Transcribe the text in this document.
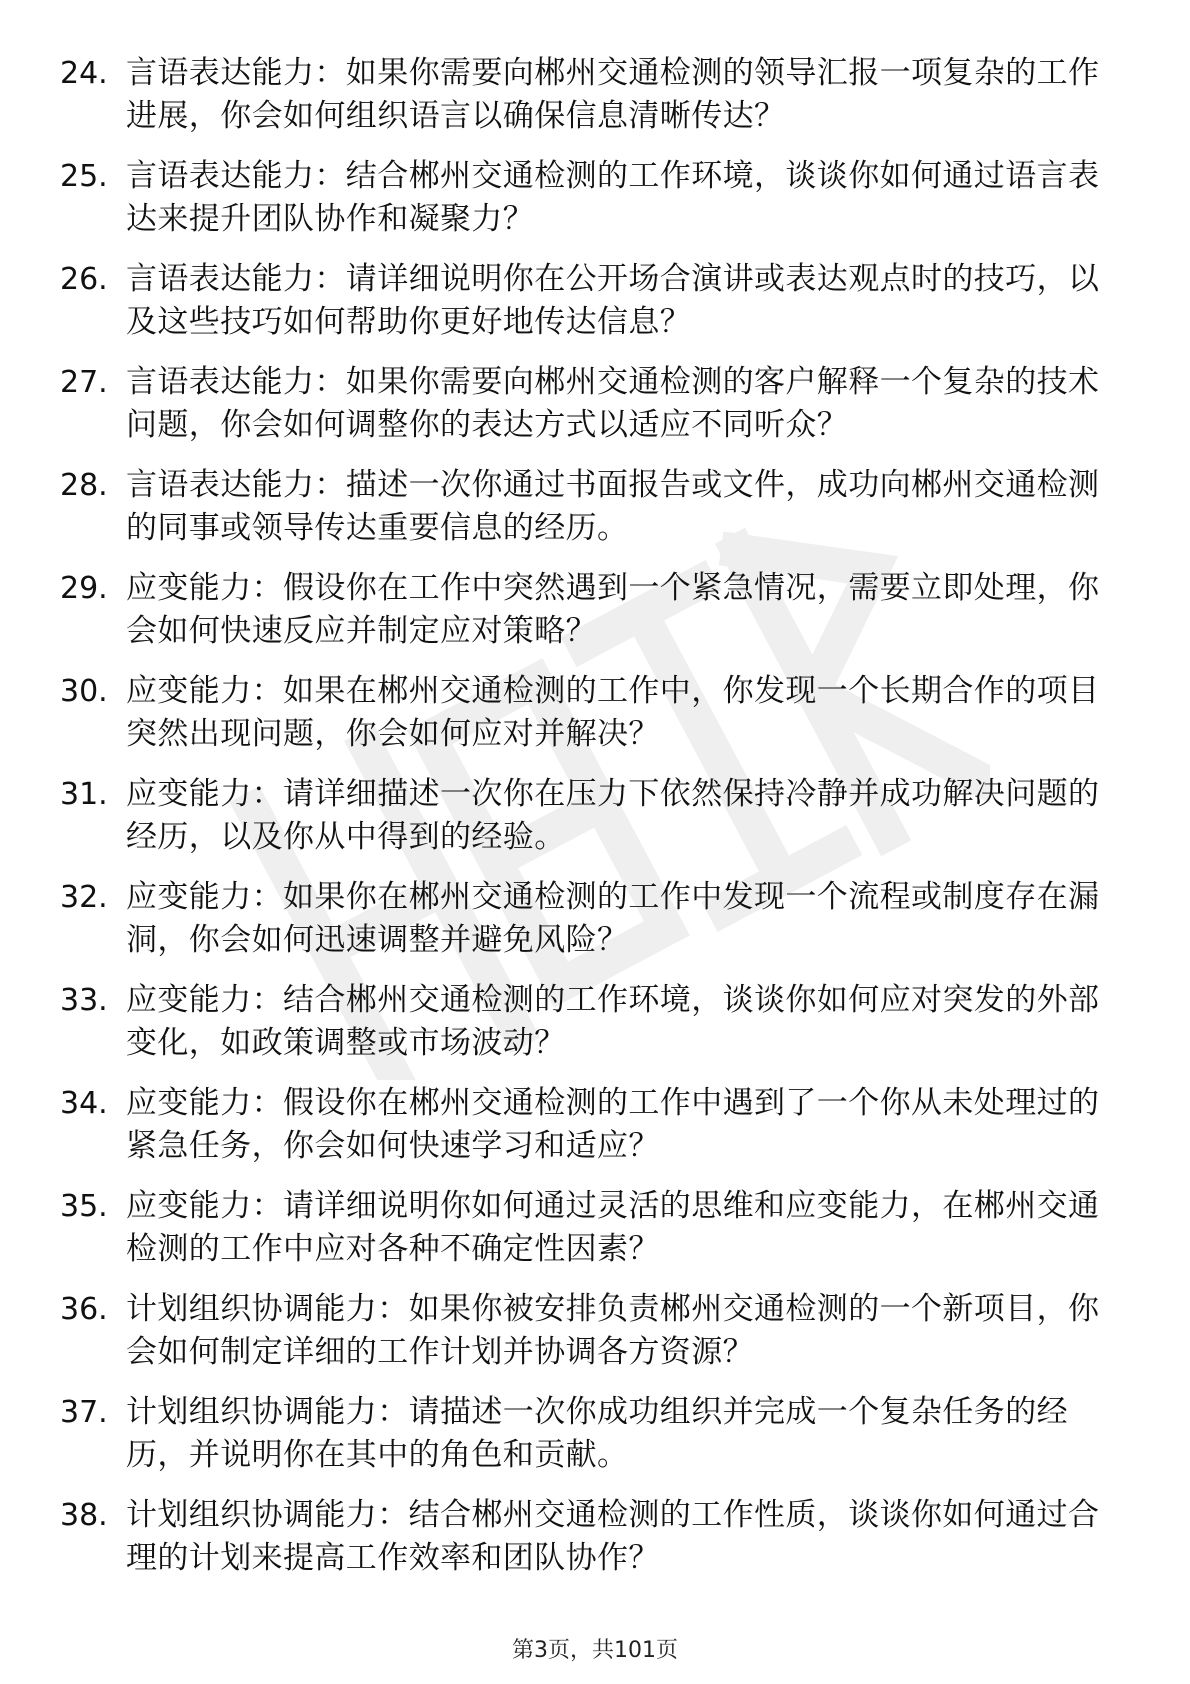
24. 言语表达能力：如果你需要向郴州交通检测的领导汇报一项复杂的工作进展，你会如何组织语言以确保信息清晰传达？
25. 言语表达能力：结合郴州交通检测的工作环境，谈谈你如何通过语言表达来提升团队协作和凝聚力？
26. 言语表达能力：请详细说明你在公开场合演讲或表达观点时的技巧，以及这些技巧如何帮助你更好地传达信息？
27. 言语表达能力：如果你需要向郴州交通检测的客户解释一个复杂的技术问题，你会如何调整你的表达方式以适应不同听众？
28. 言语表达能力：描述一次你通过书面报告或文件，成功向郴州交通检测的同事或领导传达重要信息的经历。
29. 应变能力：假设你在工作中突然遇到一个紧急情况，需要立即处理，你会如何快速反应并制定应对策略？
30. 应变能力：如果在郴州交通检测的工作中，你发现一个长期合作的项目突然出现问题，你会如何应对并解决？
31. 应变能力：请详细描述一次你在压力下依然保持冷静并成功解决问题的经历，以及你从中得到的经验。
32. 应变能力：如果你在郴州交通检测的工作中发现一个流程或制度存在漏洞，你会如何迅速调整并避免风险？
33. 应变能力：结合郴州交通检测的工作环境，谈谈你如何应对突发的外部变化，如政策调整或市场波动？
34. 应变能力：假设你在郴州交通检测的工作中遇到了一个你从未处理过的紧急任务，你会如何快速学习和适应？
35. 应变能力：请详细说明你如何通过灵活的思维和应变能力，在郴州交通检测的工作中应对各种不确定性因素？
36. 计划组织协调能力：如果你被安排负责郴州交通检测的一个新项目，你会如何制定详细的工作计划并协调各方资源？
37. 计划组织协调能力：请描述一次你成功组织并完成一个复杂任务的经历，并说明你在其中的角色和贡献。
38. 计划组织协调能力：结合郴州交通检测的工作性质，谈谈你如何通过合理的计划来提高工作效率和团队协作？
第3页，共101页
